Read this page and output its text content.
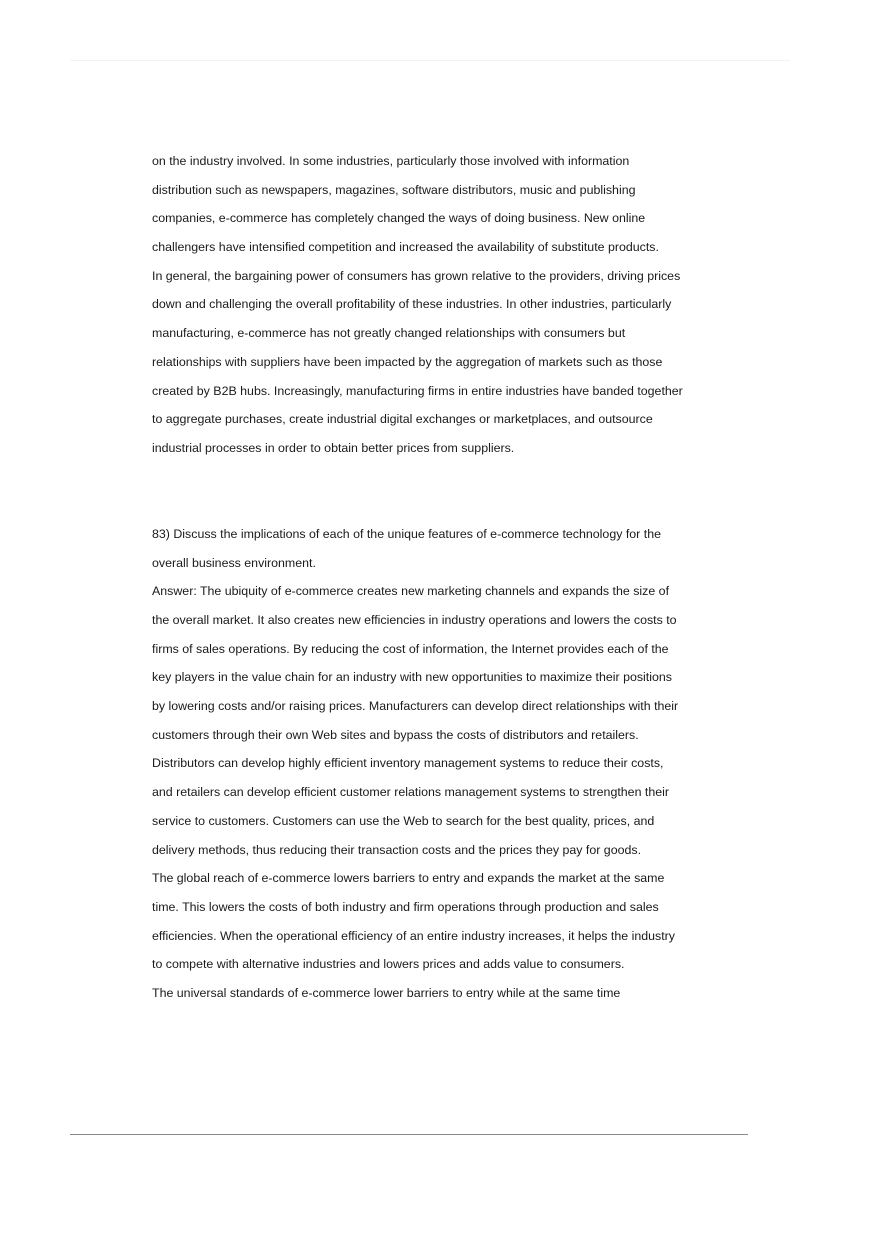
on the industry involved. In some industries, particularly those involved with information
distribution such as newspapers, magazines, software distributors, music and publishing
companies, e-commerce has completely changed the ways of doing business. New online
challengers have intensified competition and increased the availability of substitute products.
In general, the bargaining power of consumers has grown relative to the providers, driving prices
down and challenging the overall profitability of these industries. In other industries, particularly
manufacturing, e-commerce has not greatly changed relationships with consumers but
relationships with suppliers have been impacted by the aggregation of markets such as those
created by B2B hubs. Increasingly, manufacturing firms in entire industries have banded together
to aggregate purchases, create industrial digital exchanges or marketplaces, and outsource
industrial processes in order to obtain better prices from suppliers.
83) Discuss the implications of each of the unique features of e-commerce technology for the
overall business environment.
Answer: The ubiquity of e-commerce creates new marketing channels and expands the size of
the overall market. It also creates new efficiencies in industry operations and lowers the costs to
firms of sales operations. By reducing the cost of information, the Internet provides each of the
key players in the value chain for an industry with new opportunities to maximize their positions
by lowering costs and/or raising prices. Manufacturers can develop direct relationships with their
customers through their own Web sites and bypass the costs of distributors and retailers.
Distributors can develop highly efficient inventory management systems to reduce their costs,
and retailers can develop efficient customer relations management systems to strengthen their
service to customers. Customers can use the Web to search for the best quality, prices, and
delivery methods, thus reducing their transaction costs and the prices they pay for goods.
The global reach of e-commerce lowers barriers to entry and expands the market at the same
time. This lowers the costs of both industry and firm operations through production and sales
efficiencies. When the operational efficiency of an entire industry increases, it helps the industry
to compete with alternative industries and lowers prices and adds value to consumers.
The universal standards of e-commerce lower barriers to entry while at the same time
